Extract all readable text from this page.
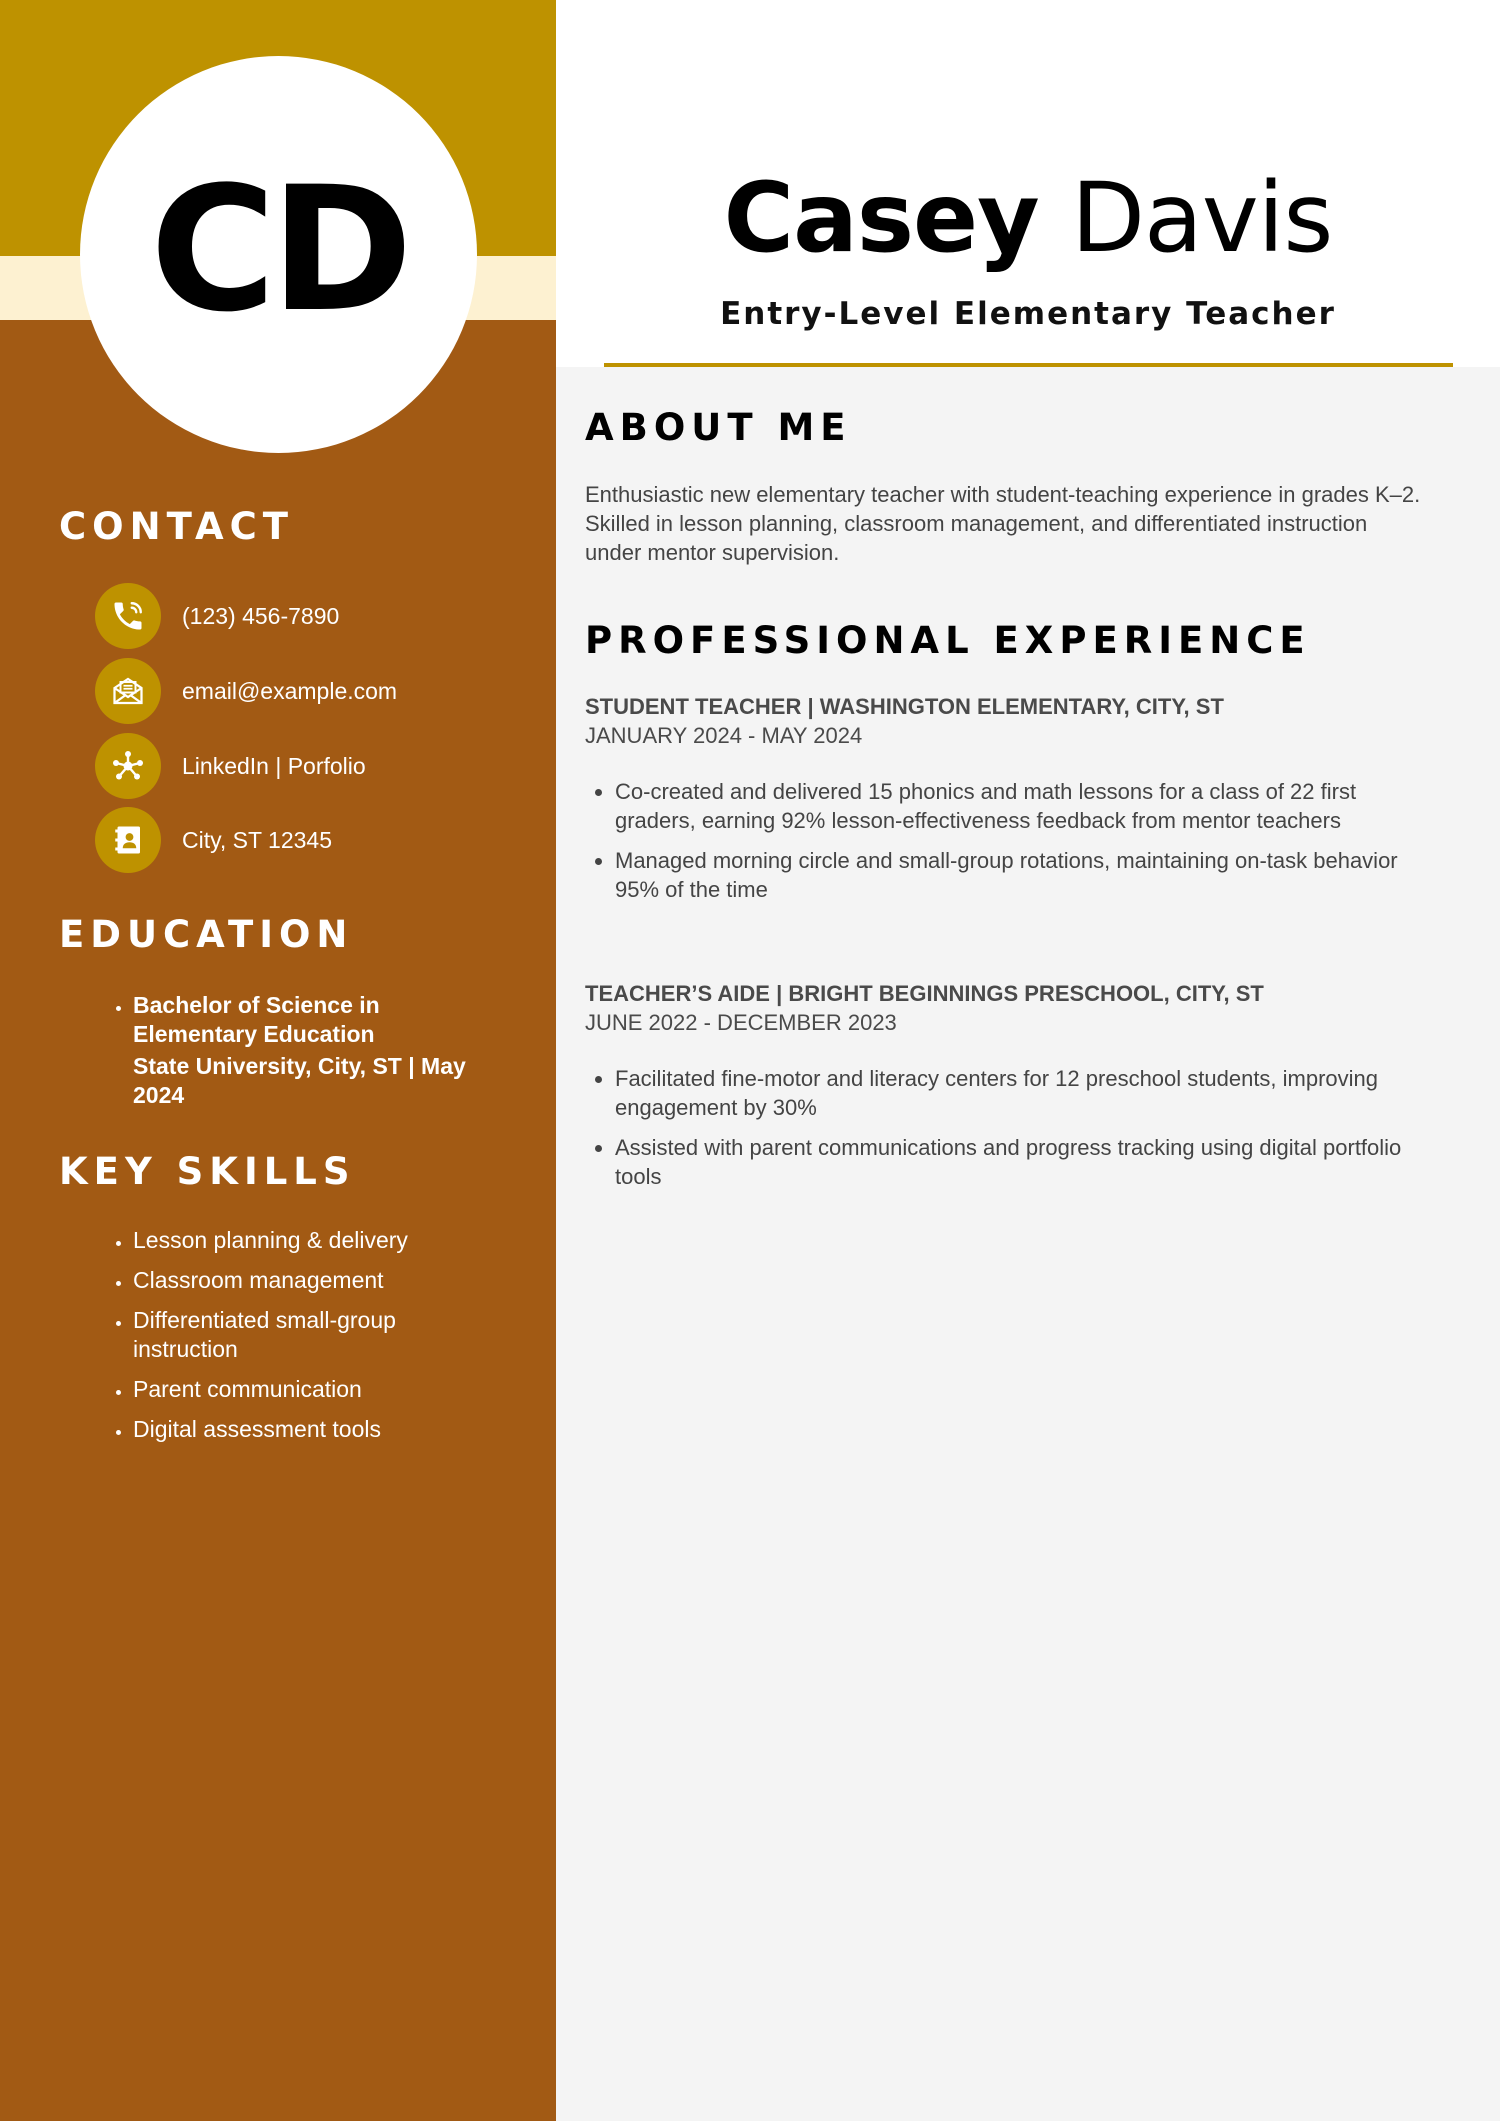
CD
CONTACT
(123) 456-7890
email@example.com
LinkedIn | Porfolio
City, ST 12345
EDUCATION
• Bachelor of Science in
Elementary Education
State University, City, ST | May 2024
KEY SKILLS
• Lesson planning & delivery
• Classroom management
• Differentiated small-group instruction
• Parent communication
• Digital assessment tools
Casey Davis

Entry-Level Elementary Teacher

ABOUT ME

Enthusiastic new elementary teacher with student-teaching experience in grades K–2. Skilled in lesson planning, classroom management, and differentiated instruction under mentor supervision.

PROFESSIONAL EXPERIENCE

STUDENT TEACHER | WASHINGTON ELEMENTARY, CITY, ST

JANUARY 2024 - MAY 2024

• Co-created and delivered 15 phonics and math lessons for a class of 22 first graders, earning 92% lesson-effectiveness feedback from mentor teachers
• Managed morning circle and small-group rotations, maintaining on-task behavior 95% of the time

TEACHER’S AIDE | BRIGHT BEGINNINGS PRESCHOOL, CITY, ST

JUNE 2022 - DECEMBER 2023

• Facilitated fine-motor and literacy centers for 12 preschool students, improving engagement by 30%
• Assisted with parent communications and progress tracking using digital portfolio tools
